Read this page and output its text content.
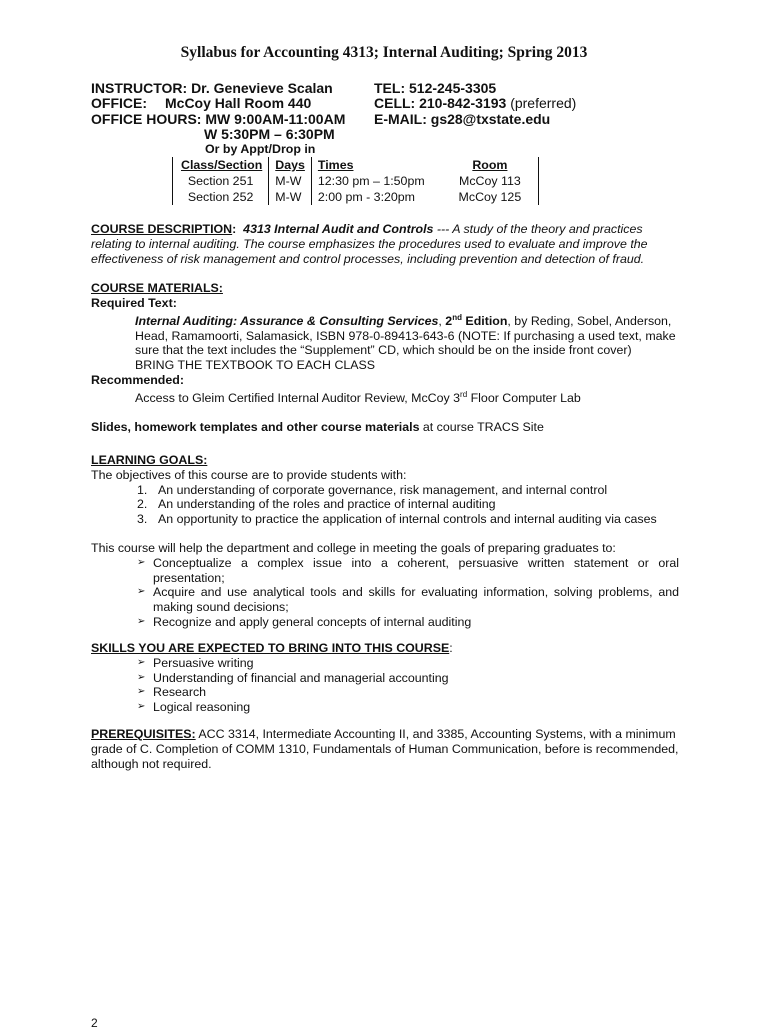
Syllabus for Accounting 4313; Internal Auditing; Spring 2013
INSTRUCTOR: Dr. Genevieve Scalan
OFFICE: McCoy Hall Room 440
OFFICE HOURS: MW 9:00AM-11:00AM
W 5:30PM – 6:30PM
TEL: 512-245-3305
CELL: 210-842-3193 (preferred)
E-MAIL: gs28@txstate.edu
Or by Appt/Drop in
Class/Section	Days	Times	Room
Section 251	M-W	12:30 pm – 1:50pm	McCoy 113
Section 252	M-W	2:00 pm - 3:20pm	McCoy 125
COURSE DESCRIPTION: 4313 Internal Audit and Controls --- A study of the theory and practices relating to internal auditing. The course emphasizes the procedures used to evaluate and improve the effectiveness of risk management and control processes, including prevention and detection of fraud.
COURSE MATERIALS:
Required Text:
Internal Auditing: Assurance & Consulting Services, 2nd Edition, by Reding, Sobel, Anderson, Head, Ramamoorti, Salamasick, ISBN 978-0-89413-643-6 (NOTE: If purchasing a used text, make sure that the text includes the “Supplement” CD, which should be on the inside front cover)
BRING THE TEXTBOOK TO EACH CLASS
Recommended:
Access to Gleim Certified Internal Auditor Review, McCoy 3rd Floor Computer Lab
Slides, homework templates and other course materials at course TRACS Site
LEARNING GOALS:
The objectives of this course are to provide students with:
1. An understanding of corporate governance, risk management, and internal control
2. An understanding of the roles and practice of internal auditing
3. An opportunity to practice the application of internal controls and internal auditing via cases
This course will help the department and college in meeting the goals of preparing graduates to:
➢ Conceptualize a complex issue into a coherent, persuasive written statement or oral presentation;
➢ Acquire and use analytical tools and skills for evaluating information, solving problems, and making sound decisions;
➢ Recognize and apply general concepts of internal auditing
SKILLS YOU ARE EXPECTED TO BRING INTO THIS COURSE:
➢ Persuasive writing
➢ Understanding of financial and managerial accounting
➢ Research
➢ Logical reasoning
PREREQUISITES: ACC 3314, Intermediate Accounting II, and 3385, Accounting Systems, with a minimum grade of C. Completion of COMM 1310, Fundamentals of Human Communication, before is recommended, although not required.
2
